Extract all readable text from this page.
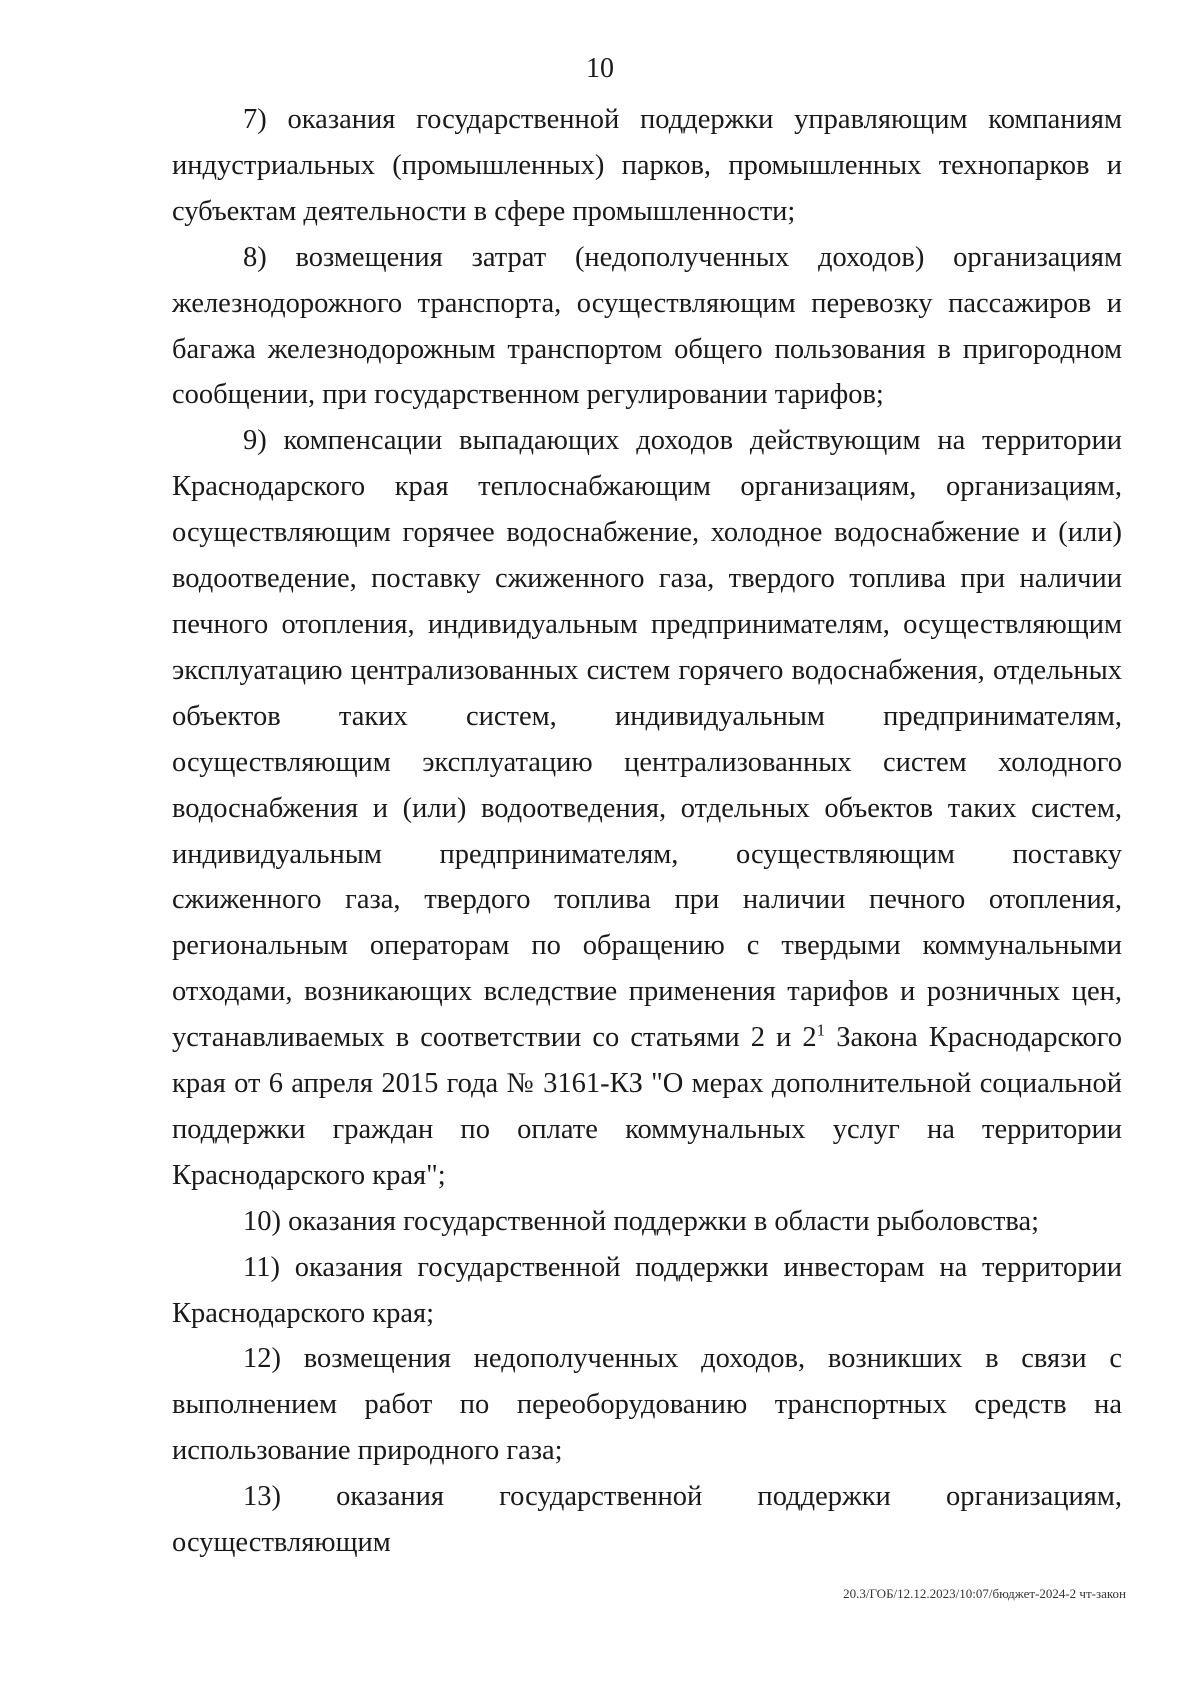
10

7) оказания государственной поддержки управляющим компаниям индустриальных (промышленных) парков, промышленных технопарков и субъектам деятельности в сфере промышленности;

8) возмещения затрат (недополученных доходов) организациям железнодорожного транспорта, осуществляющим перевозку пассажиров и багажа железнодорожным транспортом общего пользования в пригородном сообщении, при государственном регулировании тарифов;

9) компенсации выпадающих доходов действующим на территории Краснодарского края теплоснабжающим организациям, организациям, осуществляющим горячее водоснабжение, холодное водоснабжение и (или) водоотведение, поставку сжиженного газа, твердого топлива при наличии печного отопления, индивидуальным предпринимателям, осуществляющим эксплуатацию централизованных систем горячего водоснабжения, отдельных объектов таких систем, индивидуальным предпринимателям, осуществляющим эксплуатацию централизованных систем холодного водоснабжения и (или) водоотведения, отдельных объектов таких систем, индивидуальным предпринимателям, осуществляющим поставку сжиженного газа, твердого топлива при наличии печного отопления, региональным операторам по обращению с твердыми коммунальными отходами, возникающих вследствие применения тарифов и розничных цен, устанавливаемых в соответствии со статьями 2 и $2^1$ Закона Краснодарского края от 6 апреля 2015 года № 3161-КЗ "О мерах дополнительной социальной поддержки граждан по оплате коммунальных услуг на территории Краснодарского края";

10) оказания государственной поддержки в области рыболовства;

11) оказания государственной поддержки инвесторам на территории Краснодарского края;

12) возмещения недополученных доходов, возникших в связи с выполнением работ по переоборудованию транспортных средств на использование природного газа;

13) оказания государственной поддержки организациям, осуществляющим

20.3/ГОБ/12.12.2023/10:07/бюджет-2024-2 чт-закон
